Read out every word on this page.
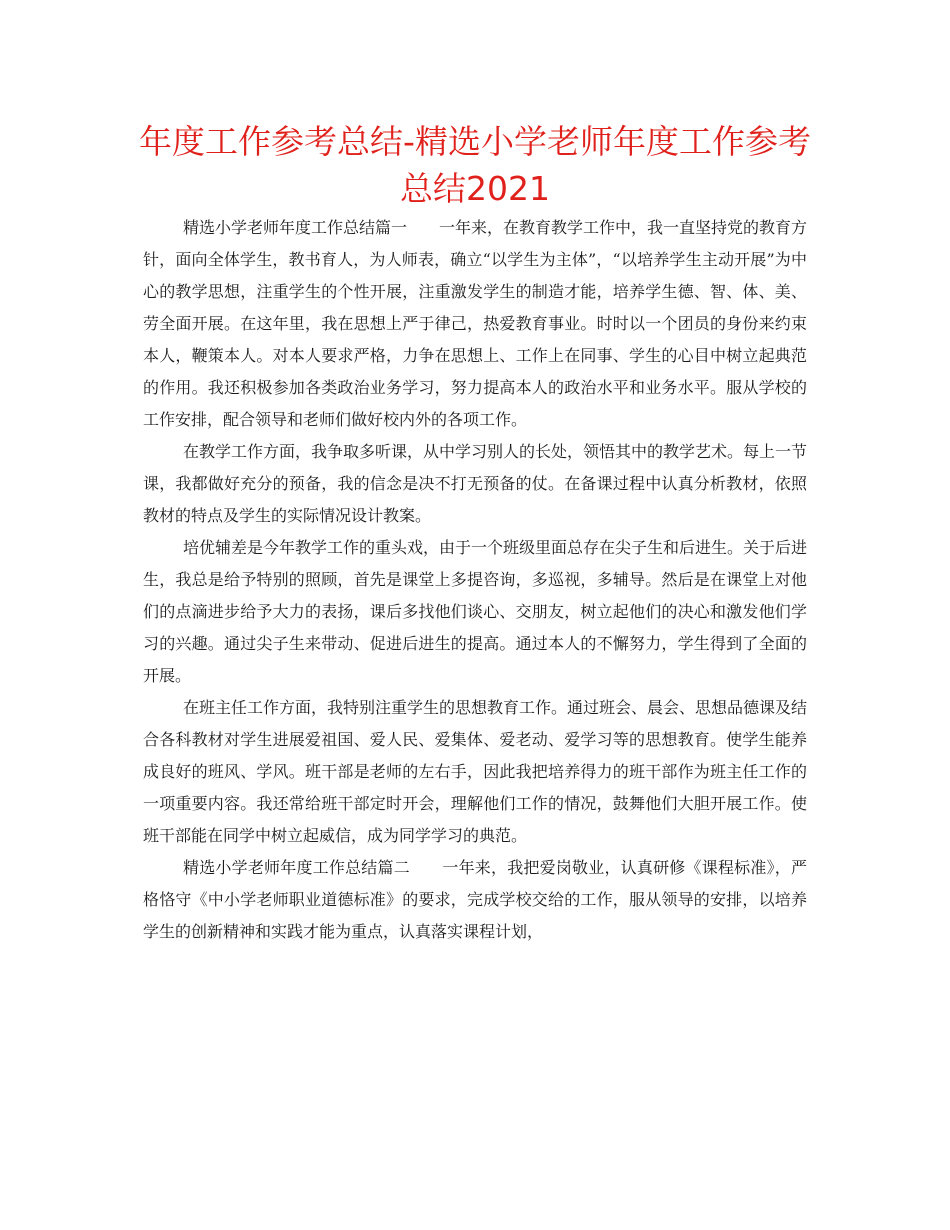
年度工作参考总结-精选小学老师年度工作参考总结2021

精选小学老师年度工作总结篇一　　一年来，在教育教学工作中，我一直坚持党的教育方针，面向全体学生，教书育人，为人师表，确立“以学生为主体”，“以培养学生主动开展”为中心的教学思想，注重学生的个性开展，注重激发学生的制造才能，培养学生德、智、体、美、劳全面开展。在这年里，我在思想上严于律己，热爱教育事业。时时以一个团员的身份来约束本人，鞭策本人。对本人要求严格，力争在思想上、工作上在同事、学生的心目中树立起典范的作用。我还积极参加各类政治业务学习，努力提高本人的政治水平和业务水平。服从学校的工作安排，配合领导和老师们做好校内外的各项工作。

在教学工作方面，我争取多听课，从中学习别人的长处，领悟其中的教学艺术。每上一节课，我都做好充分的预备，我的信念是决不打无预备的仗。在备课过程中认真分析教材，依照教材的特点及学生的实际情况设计教案。

培优辅差是今年教学工作的重头戏，由于一个班级里面总存在尖子生和后进生。关于后进生，我总是给予特别的照顾，首先是课堂上多提咨询，多巡视，多辅导。然后是在课堂上对他们的点滴进步给予大力的表扬，课后多找他们谈心、交朋友，树立起他们的决心和激发他们学习的兴趣。通过尖子生来带动、促进后进生的提高。通过本人的不懈努力，学生得到了全面的开展。

在班主任工作方面，我特别注重学生的思想教育工作。通过班会、晨会、思想品德课及结合各科教材对学生进展爱祖国、爱人民、爱集体、爱老动、爱学习等的思想教育。使学生能养成良好的班风、学风。班干部是老师的左右手，因此我把培养得力的班干部作为班主任工作的一项重要内容。我还常给班干部定时开会，理解他们工作的情况，鼓舞他们大胆开展工作。使班干部能在同学中树立起威信，成为同学学习的典范。

精选小学老师年度工作总结篇二　　一年来，我把爱岗敬业，认真研修《课程标准》，严格恪守《中小学老师职业道德标准》的要求，完成学校交给的工作，服从领导的安排，以培养学生的创新精神和实践才能为重点，认真落实课程计划，
